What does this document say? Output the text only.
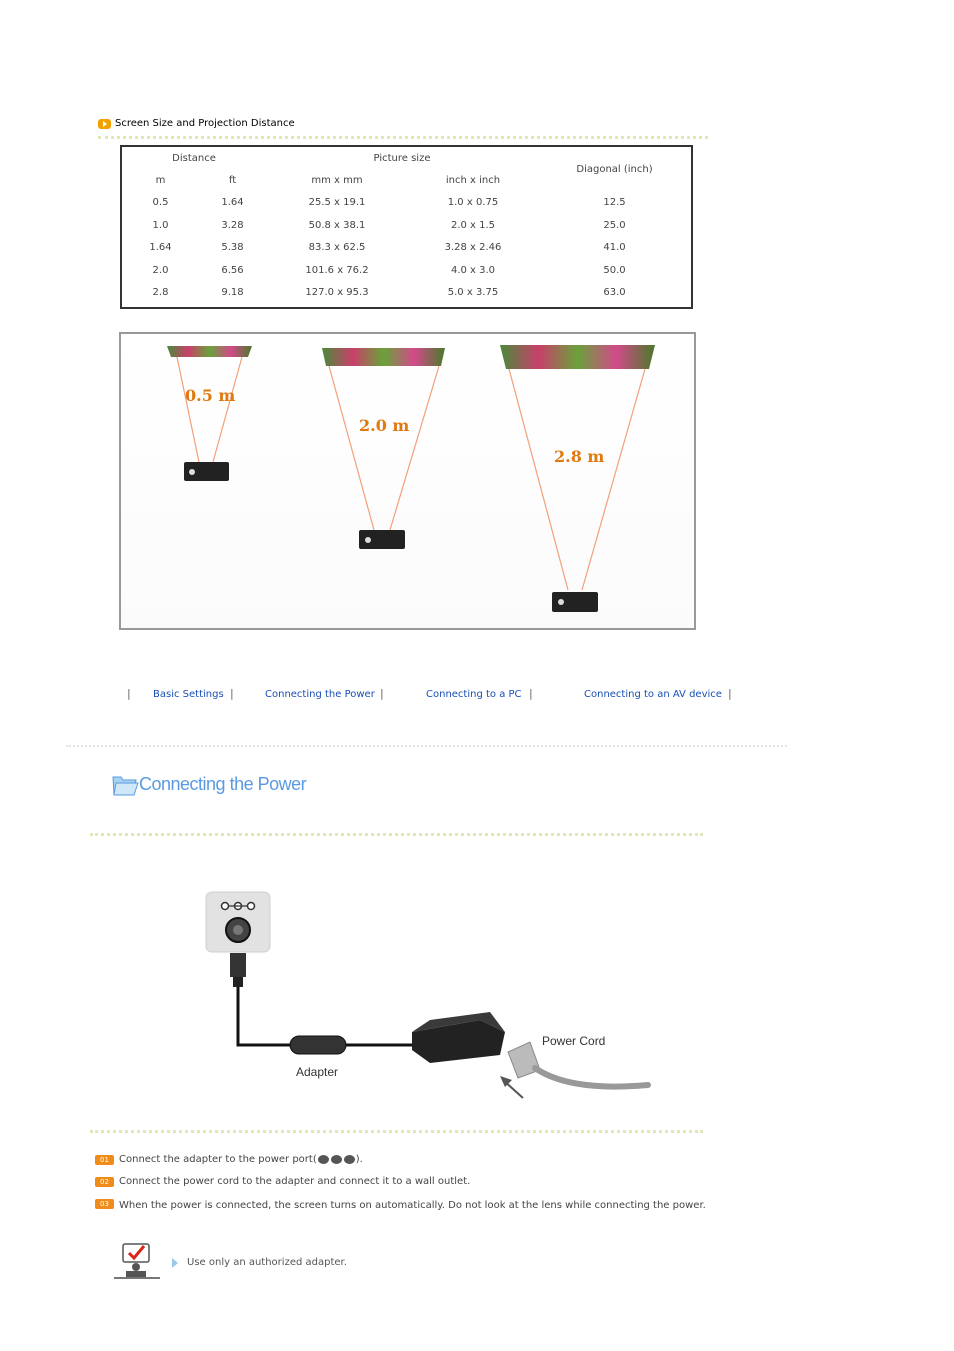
Screen Size and Projection Distance
Distance		Picture size		Diagonal (inch)
m	ft	mm x mm	inch x inch	
0.5	1.64	25.5 x 19.1	1.0 x 0.75	12.5
1.0	3.28	50.8 x 38.1	2.0 x 1.5	25.0
1.64	5.38	83.3 x 62.5	3.28 x 2.46	41.0
2.0	6.56	101.6 x 76.2	4.0 x 3.0	50.0
2.8	9.18	127.0 x 95.3	5.0 x 3.75	63.0
0.5 m
2.0 m
2.8 m
| Basic Settings |	Connecting the Power |	Connecting to a PC |	Connecting to an AV device |
Connecting the Power
Power Cord
Adapter
01	Connect the adapter to the power port(	).
02	Connect the power cord to the adapter and connect it to a wall outlet.
03	When the power is connected, the screen turns on automatically. Do not look at the lens while connecting the power.
Use only an authorized adapter.
